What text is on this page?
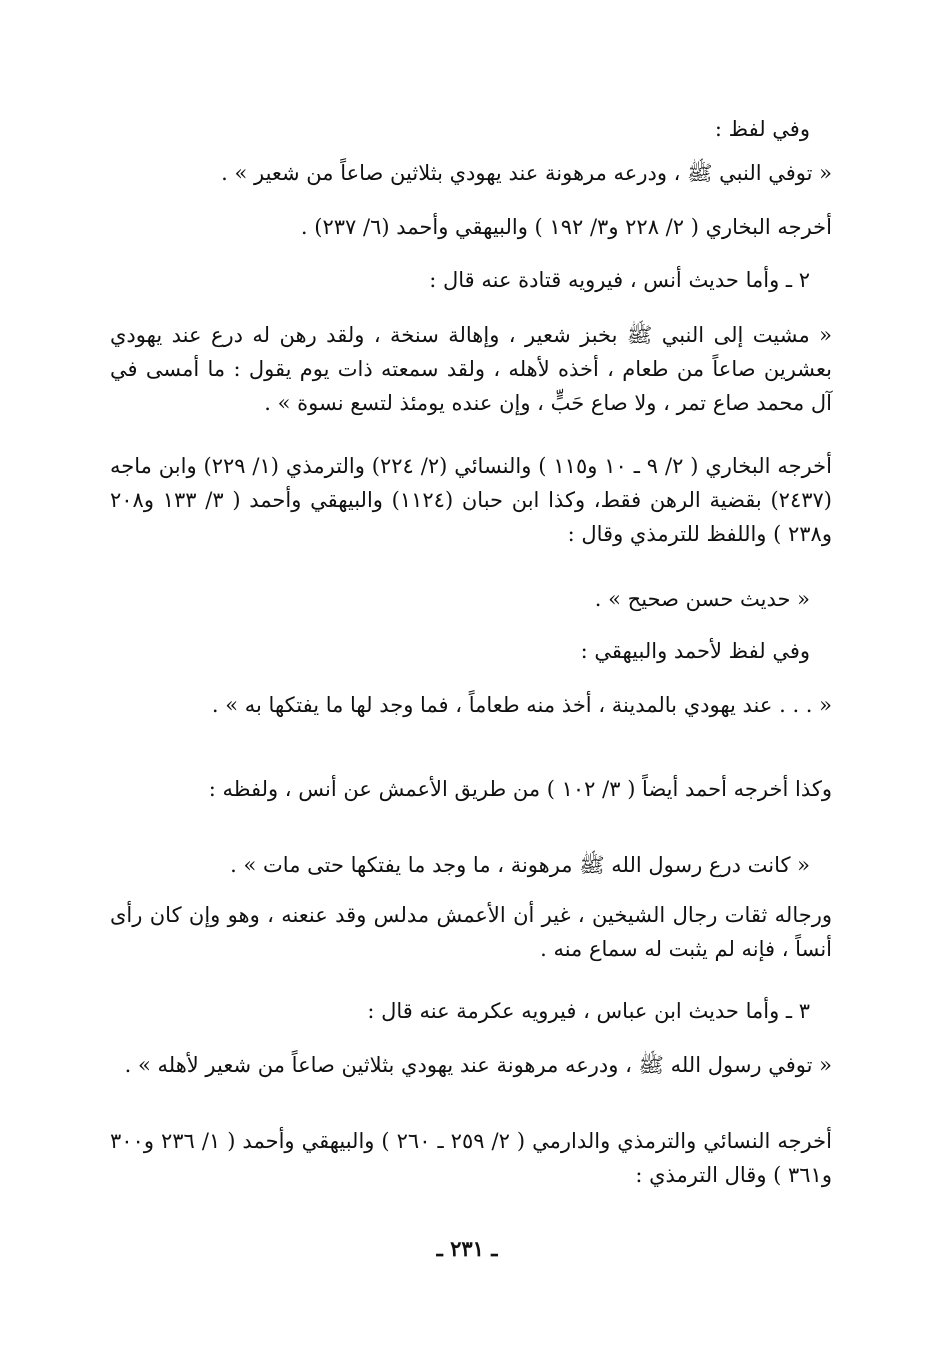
وفي لفظ :
« توفي النبي ﷺ ، ودرعه مرهونة عند يهودي بثلاثين صاعاً من شعير » .
أخرجه البخاري ( ٢/ ٢٢٨ و٣/ ١٩٢ ) والبيهقي وأحمد (٦/ ٢٣٧) .
٢ ـ وأما حديث أنس ، فيرويه قتادة عنه قال :
« مشيت إلى النبي ﷺ بخبز شعير ، وإهالة سنخة ، ولقد رهن له درع عند يهودي بعشرين صاعاً من طعام ، أخذه لأهله ، ولقد سمعته ذات يوم يقول : ما أمسى في آل محمد صاع تمر ، ولا صاع حَبٍّ ، وإن عنده يومئذ لتسع نسوة » .
أخرجه البخاري ( ٢/ ٩ ـ ١٠ و١١٥ ) والنسائي (٢/ ٢٢٤) والترمذي (١/ ٢٢٩) وابن ماجه (٢٤٣٧) بقضية الرهن فقط، وكذا ابن حبان (١١٢٤) والبيهقي وأحمد ( ٣/ ١٣٣ و٢٠٨ و٢٣٨ ) واللفظ للترمذي وقال :
« حديث حسن صحيح » .
وفي لفظ لأحمد والبيهقي :
« . . . عند يهودي بالمدينة ، أخذ منه طعاماً ، فما وجد لها ما يفتكها به » .
وكذا أخرجه أحمد أيضاً ( ٣/ ١٠٢ ) من طريق الأعمش عن أنس ، ولفظه :
« كانت درع رسول الله ﷺ مرهونة ، ما وجد ما يفتكها حتى مات » .
ورجاله ثقات رجال الشيخين ، غير أن الأعمش مدلس وقد عنعنه ، وهو وإن كان رأى أنساً ، فإنه لم يثبت له سماع منه .
٣ ـ وأما حديث ابن عباس ، فيرويه عكرمة عنه قال :
« توفي رسول الله ﷺ ، ودرعه مرهونة عند يهودي بثلاثين صاعاً من شعير لأهله » .
أخرجه النسائي والترمذي والدارمي ( ٢/ ٢٥٩ ـ ٢٦٠ ) والبيهقي وأحمد ( ١/ ٢٣٦ و٣٠٠ و٣٦١ ) وقال الترمذي :
ـ ٢٣١ ـ
